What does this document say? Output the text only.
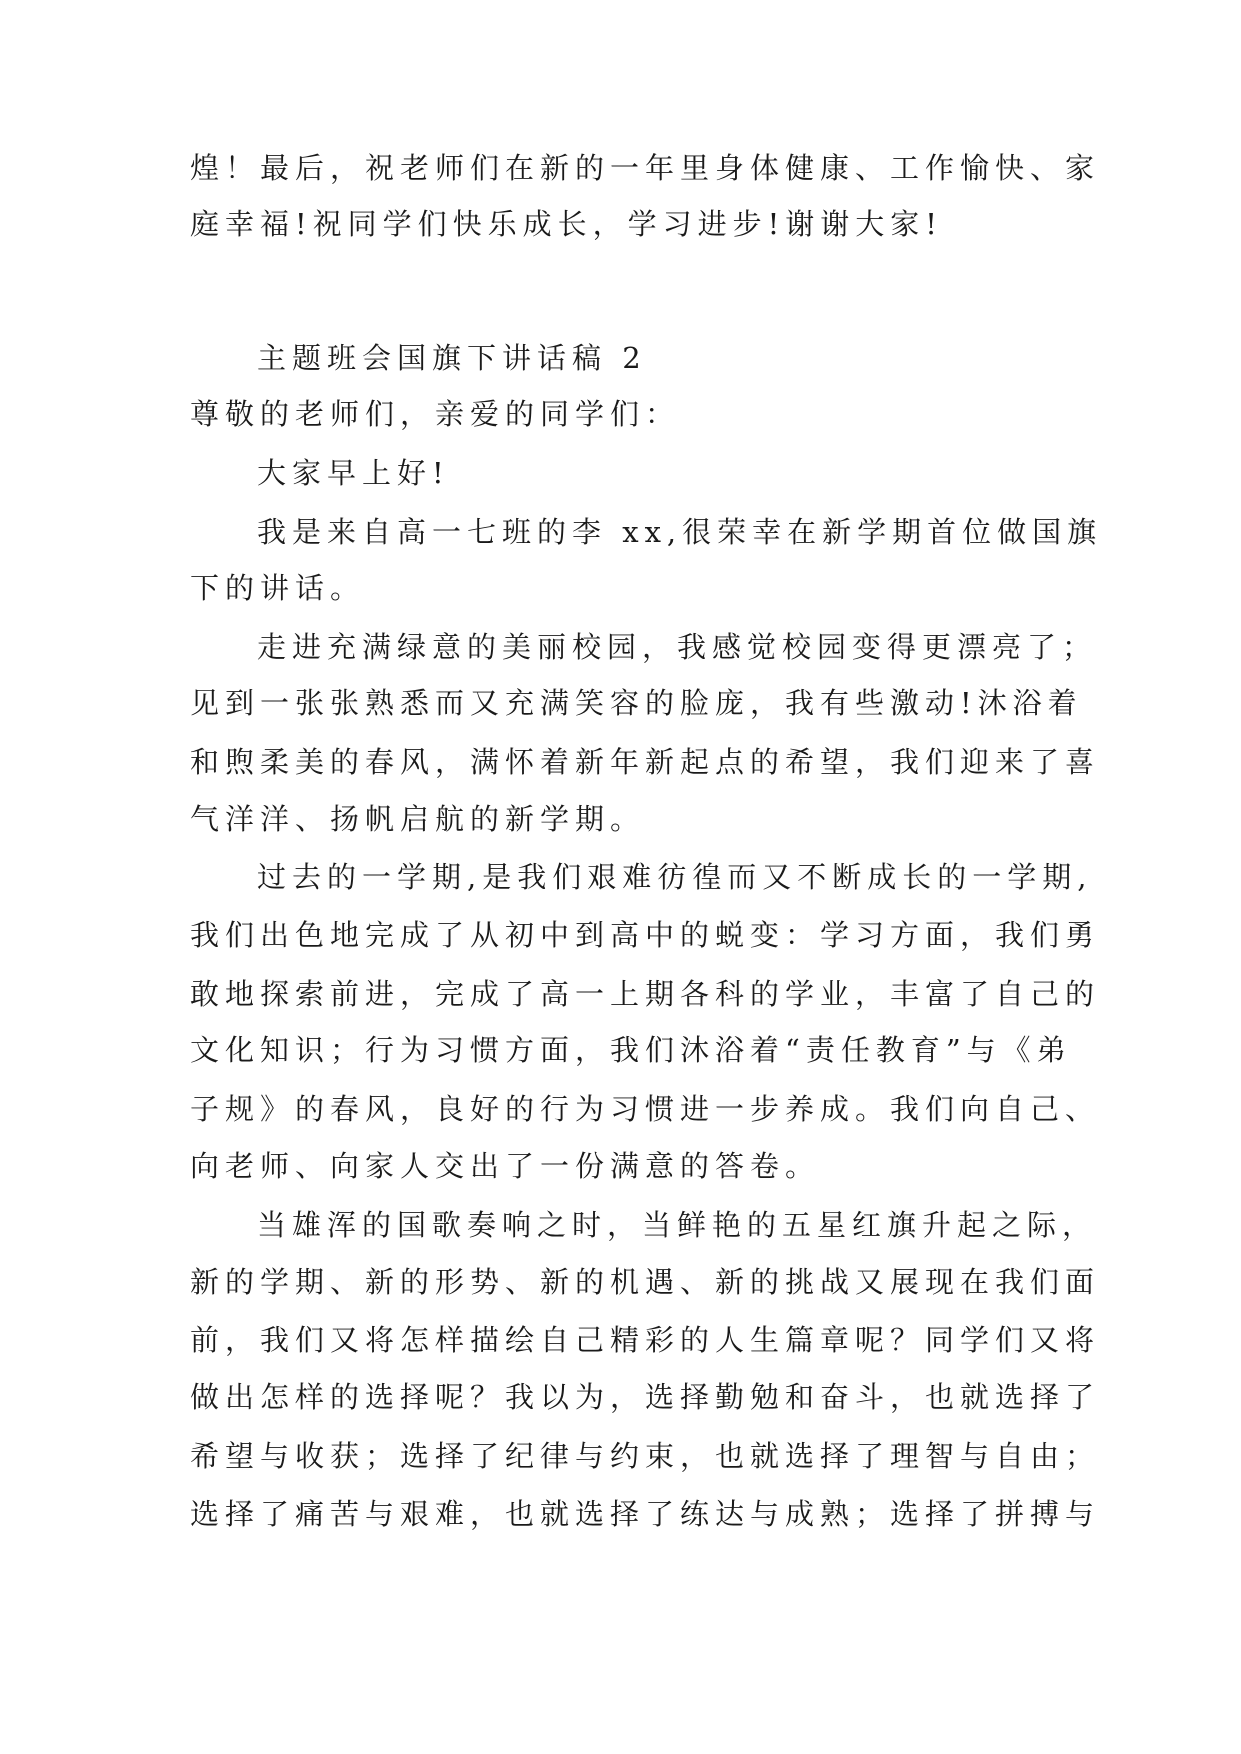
煌！最后，祝老师们在新的一年里身体健康、工作愉快、家
庭幸福!祝同学们快乐成长，学习进步!谢谢大家!
主题班会国旗下讲话稿 2
尊敬的老师们，亲爱的同学们：
大家早上好!
我是来自高一七班的李 xx,很荣幸在新学期首位做国旗
下的讲话。
走进充满绿意的美丽校园，我感觉校园变得更漂亮了；
见到一张张熟悉而又充满笑容的脸庞，我有些激动!沐浴着
和煦柔美的春风，满怀着新年新起点的希望，我们迎来了喜
气洋洋、扬帆启航的新学期。
过去的一学期,是我们艰难彷徨而又不断成长的一学期,
我们出色地完成了从初中到高中的蜕变：学习方面，我们勇
敢地探索前进，完成了高一上期各科的学业，丰富了自己的
文化知识；行为习惯方面，我们沐浴着“责任教育”与《弟
子规》的春风，良好的行为习惯进一步养成。我们向自己、
向老师、向家人交出了一份满意的答卷。
当雄浑的国歌奏响之时，当鲜艳的五星红旗升起之际，
新的学期、新的形势、新的机遇、新的挑战又展现在我们面
前，我们又将怎样描绘自己精彩的人生篇章呢？同学们又将
做出怎样的选择呢？我以为，选择勤勉和奋斗，也就选择了
希望与收获；选择了纪律与约束，也就选择了理智与自由；
选择了痛苦与艰难，也就选择了练达与成熟；选择了拼搏与
